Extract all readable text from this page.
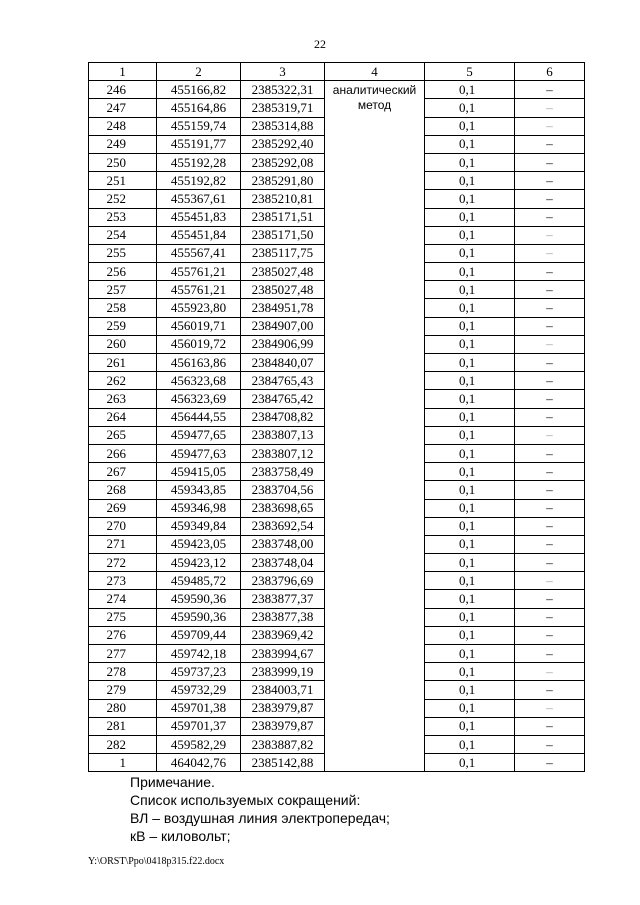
22
1	2	3	4	5	6
246	455166,82	2385322,31	аналитический метод	0,1	–
247	455164,86	2385319,71		0,1	–
248	455159,74	2385314,88		0,1	–
249	455191,77	2385292,40		0,1	–
250	455192,28	2385292,08		0,1	–
251	455192,82	2385291,80		0,1	–
252	455367,61	2385210,81		0,1	–
253	455451,83	2385171,51		0,1	–
254	455451,84	2385171,50		0,1	–
255	455567,41	2385117,75		0,1	–
256	455761,21	2385027,48		0,1	–
257	455761,21	2385027,48		0,1	–
258	455923,80	2384951,78		0,1	–
259	456019,71	2384907,00		0,1	–
260	456019,72	2384906,99		0,1	–
261	456163,86	2384840,07		0,1	–
262	456323,68	2384765,43		0,1	–
263	456323,69	2384765,42		0,1	–
264	456444,55	2384708,82		0,1	–
265	459477,65	2383807,13		0,1	–
266	459477,63	2383807,12		0,1	–
267	459415,05	2383758,49		0,1	–
268	459343,85	2383704,56		0,1	–
269	459346,98	2383698,65		0,1	–
270	459349,84	2383692,54		0,1	–
271	459423,05	2383748,00		0,1	–
272	459423,12	2383748,04		0,1	–
273	459485,72	2383796,69		0,1	–
274	459590,36	2383877,37		0,1	–
275	459590,36	2383877,38		0,1	–
276	459709,44	2383969,42		0,1	–
277	459742,18	2383994,67		0,1	–
278	459737,23	2383999,19		0,1	–
279	459732,29	2384003,71		0,1	–
280	459701,38	2383979,87		0,1	–
281	459701,37	2383979,87		0,1	–
282	459582,29	2383887,82		0,1	–
1	464042,76	2385142,88		0,1	–
Примечание.
Список используемых сокращений:
ВЛ – воздушная линия электропередач;
кВ – киловольт;
Y:\ORST\Ppo\0418p315.f22.docx
